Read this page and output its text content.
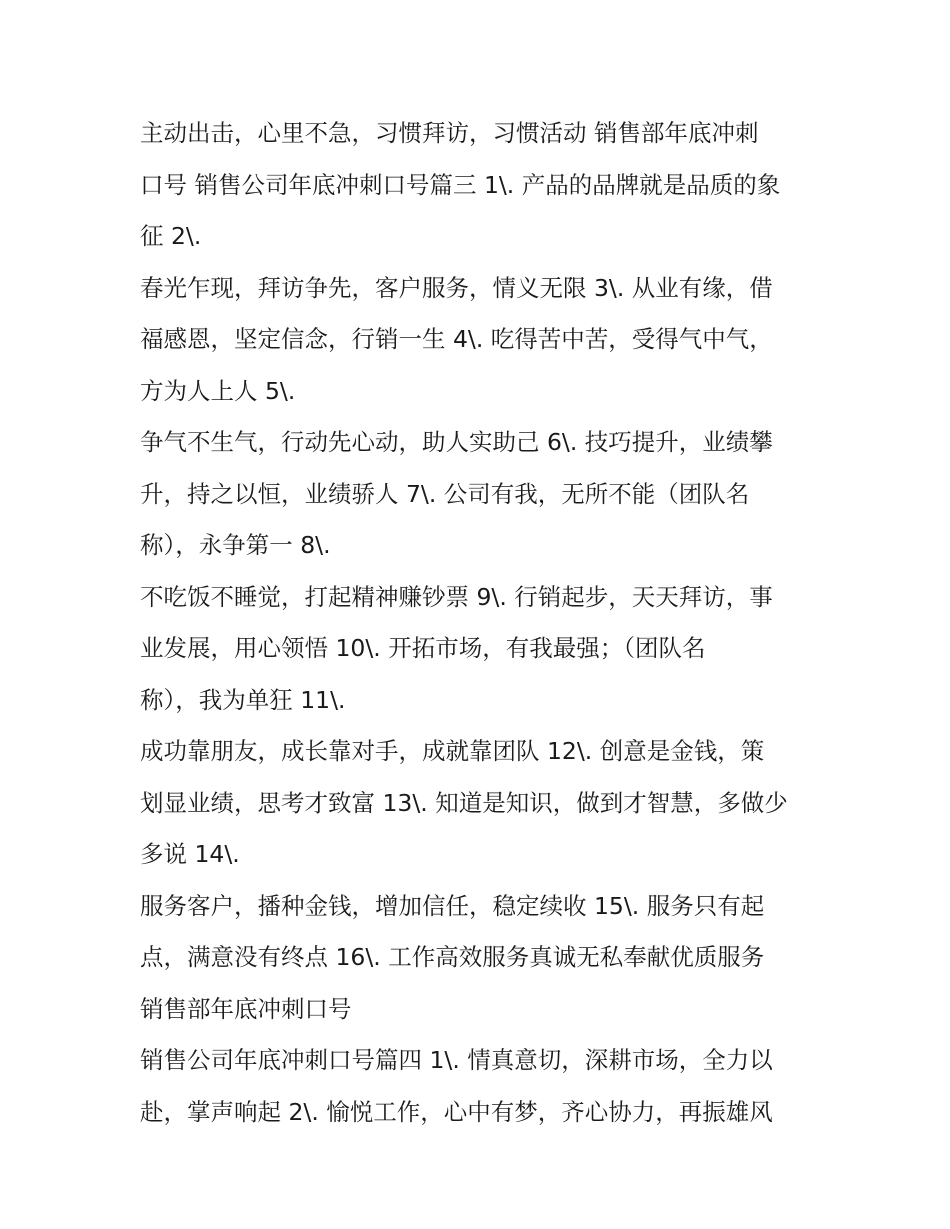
主动出击，心里不急，习惯拜访，习惯活动 销售部年底冲刺
口号 销售公司年底冲刺口号篇三 1\. 产品的品牌就是品质的象
征 2\.
春光乍现，拜访争先，客户服务，情义无限 3\. 从业有缘，借
福感恩，坚定信念，行销一生 4\. 吃得苦中苦，受得气中气，
方为人上人 5\.
争气不生气，行动先心动，助人实助己 6\. 技巧提升，业绩攀
升，持之以恒，业绩骄人 7\. 公司有我，无所不能（团队名
称），永争第一 8\.
不吃饭不睡觉，打起精神赚钞票 9\. 行销起步，天天拜访，事
业发展，用心领悟 10\. 开拓市场，有我最强；（团队名
称），我为单狂 11\.
成功靠朋友，成长靠对手，成就靠团队 12\. 创意是金钱，策
划显业绩，思考才致富 13\. 知道是知识，做到才智慧，多做少
多说 14\.
服务客户，播种金钱，增加信任，稳定续收 15\. 服务只有起
点，满意没有终点 16\. 工作高效服务真诚无私奉献优质服务
销售部年底冲刺口号
销售公司年底冲刺口号篇四 1\. 情真意切，深耕市场，全力以
赴，掌声响起 2\. 愉悦工作，心中有梦，齐心协力，再振雄风
